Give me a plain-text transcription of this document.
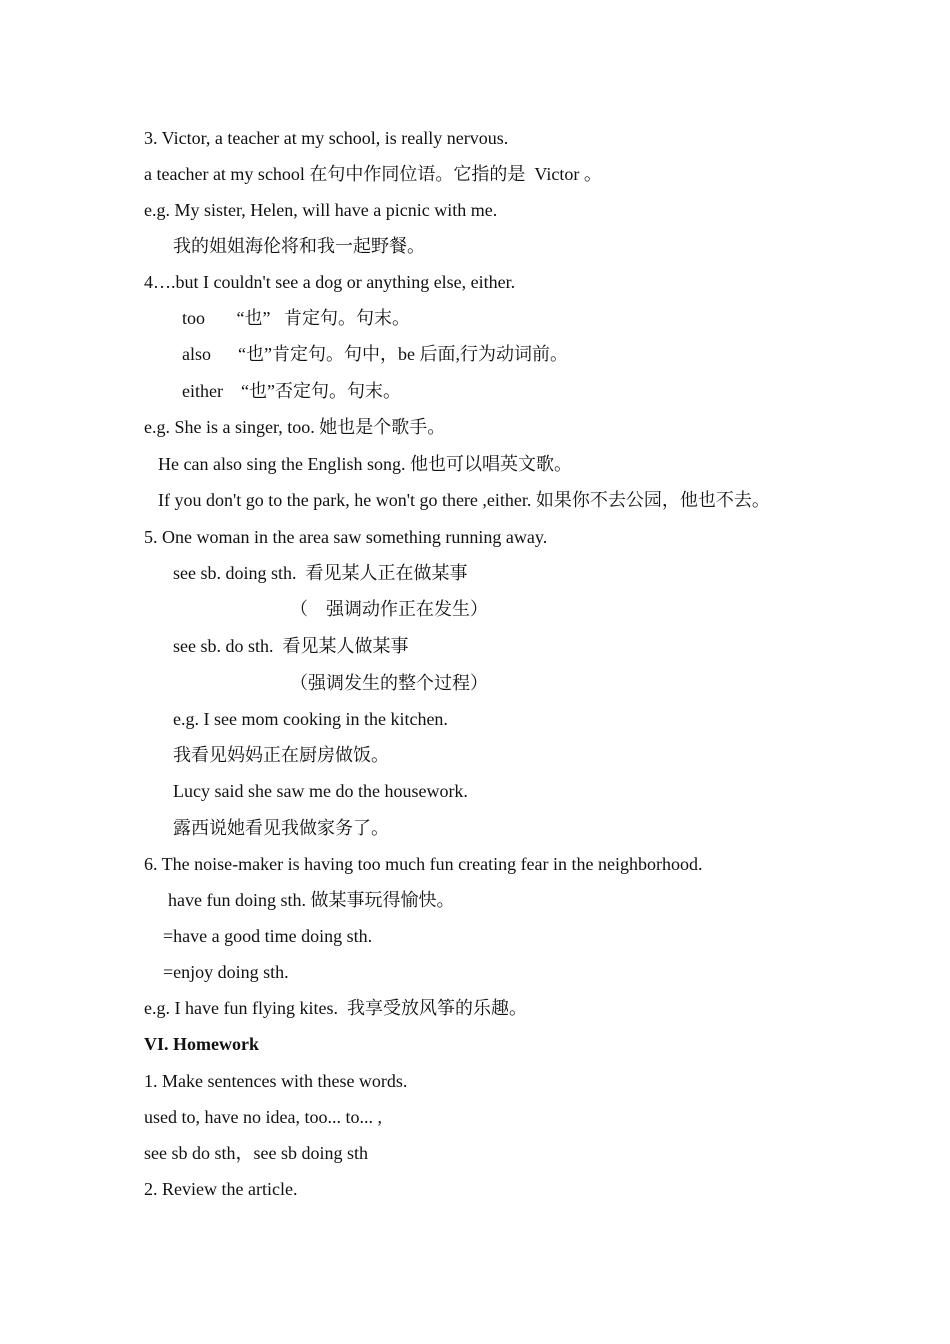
3. Victor, a teacher at my school, is really nervous.
a teacher at my school 在句中作同位语。它指的是  Victor 。
e.g. My sister, Helen, will have a picnic with me.
我的姐姐海伦将和我一起野餐。
4….but I couldn't see a dog or anything else, either.
too       “也”   肯定句。句末。
also      “也”肯定句。句中，be 后面,行为动词前。
either    “也”否定句。句末。
e.g. She is a singer, too. 她也是个歌手。
He can also sing the English song. 他也可以唱英文歌。
If you don't go to the park, he won't go there ,either. 如果你不去公园，他也不去。
5. One woman in the area saw something running away.
see sb. doing sth.  看见某人正在做某事
（    强调动作正在发生）
see sb. do sth.  看见某人做某事
（强调发生的整个过程）
e.g. I see mom cooking in the kitchen.
我看见妈妈正在厨房做饭。
Lucy said she saw me do the housework.
露西说她看见我做家务了。
6. The noise-maker is having too much fun creating fear in the neighborhood.
have fun doing sth. 做某事玩得愉快。
=have a good time doing sth.
=enjoy doing sth.
e.g. I have fun flying kites.  我享受放风筝的乐趣。
VI. Homework
1. Make sentences with these words.
used to, have no idea, too... to... ,
see sb do sth，see sb doing sth
2. Review the article.
